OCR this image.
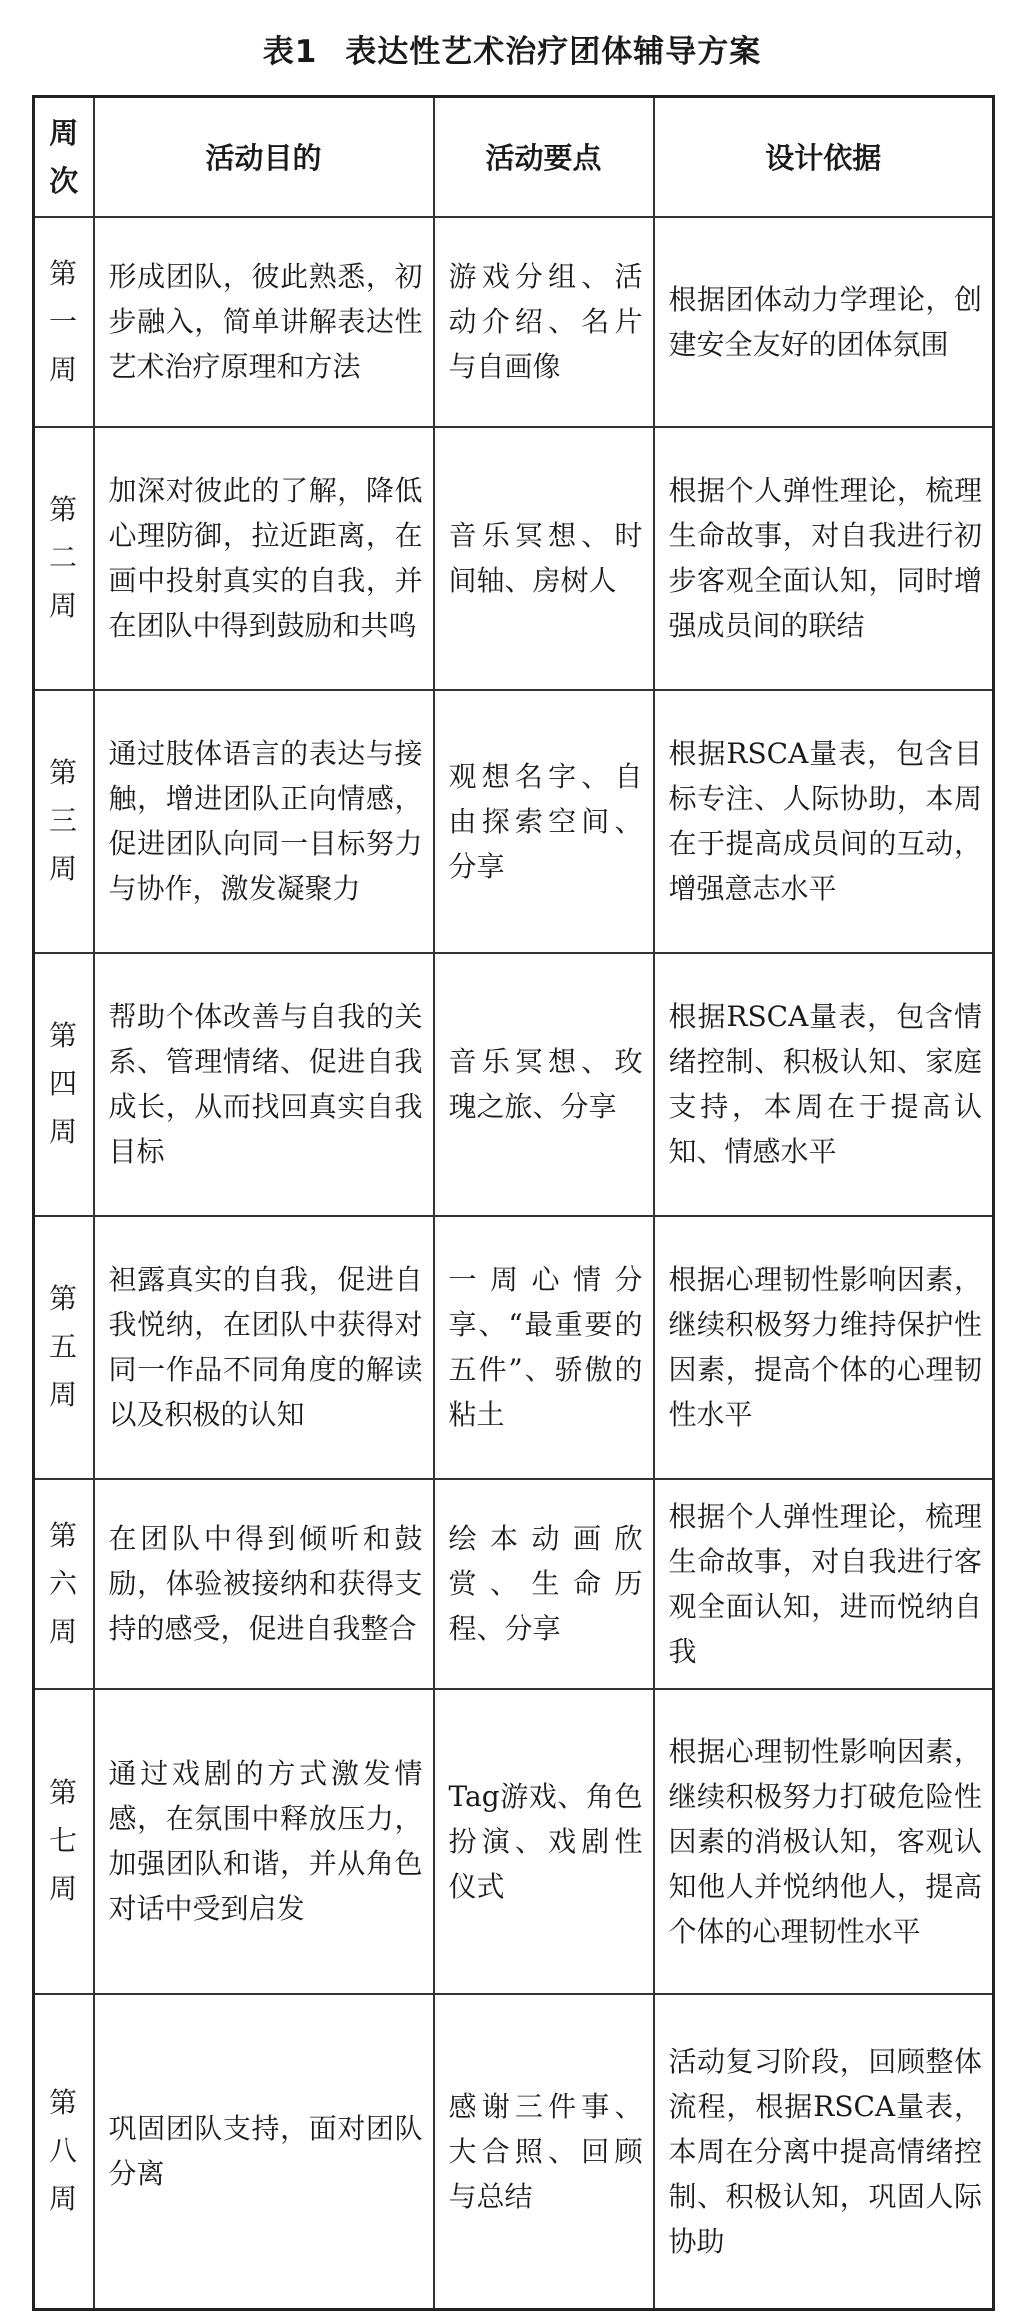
表1 表达性艺术治疗团体辅导方案
周次	活动目的	活动要点	设计依据
第一周	形成团队，彼此熟悉，初步融入，简单讲解表达性艺术治疗原理和方法	游戏分组、活动介绍、名片与自画像	根据团体动力学理论，创建安全友好的团体氛围
第二周	加深对彼此的了解，降低心理防御，拉近距离，在画中投射真实的自我，并在团队中得到鼓励和共鸣	音乐冥想、时间轴、房树人	根据个人弹性理论，梳理生命故事，对自我进行初步客观全面认知，同时增强成员间的联结
第三周	通过肢体语言的表达与接触，增进团队正向情感，促进团队向同一目标努力与协作，激发凝聚力	观想名字、自由探索空间、分享	根据RSCA量表，包含目标专注、人际协助，本周在于提高成员间的互动，增强意志水平
第四周	帮助个体改善与自我的关系、管理情绪、促进自我成长，从而找回真实自我目标	音乐冥想、玫瑰之旅、分享	根据RSCA量表，包含情绪控制、积极认知、家庭支持，本周在于提高认知、情感水平
第五周	袒露真实的自我，促进自我悦纳，在团队中获得对同一作品不同角度的解读以及积极的认知	一周心情分享、“最重要的五件”、骄傲的粘土	根据心理韧性影响因素，继续积极努力维持保护性因素，提高个体的心理韧性水平
第六周	在团队中得到倾听和鼓励，体验被接纳和获得支持的感受，促进自我整合	绘本动画欣赏、生命历程、分享	根据个人弹性理论，梳理生命故事，对自我进行客观全面认知，进而悦纳自我
第七周	通过戏剧的方式激发情感，在氛围中释放压力，加强团队和谐，并从角色对话中受到启发	Tag游戏、角色扮演、戏剧性仪式	根据心理韧性影响因素，继续积极努力打破危险性因素的消极认知，客观认知他人并悦纳他人，提高个体的心理韧性水平
第八周	巩固团队支持，面对团队分离	感谢三件事、大合照、回顾与总结	活动复习阶段，回顾整体流程，根据RSCA量表，本周在分离中提高情绪控制、积极认知，巩固人际协助
